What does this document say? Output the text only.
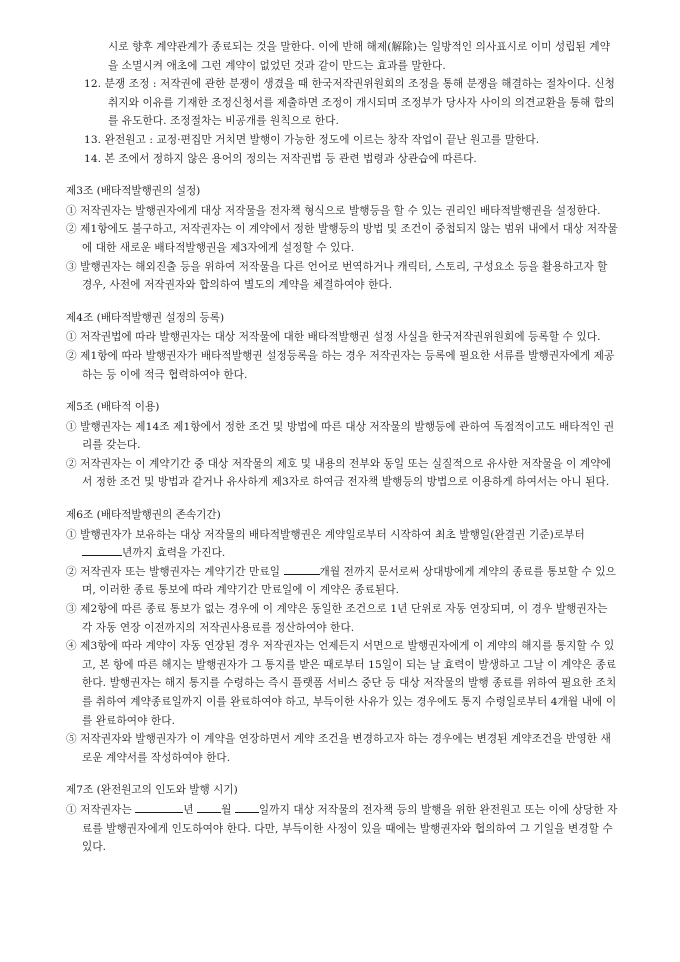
시로 향후 계약관계가 종료되는 것을 말한다. 이에 반해 해제(解除)는 일방적인 의사표시로 이미 성립된 계약을 소멸시켜 애초에 그런 계약이 없었던 것과 같이 만드는 효과를 말한다.

12. 분쟁 조정 : 저작권에 관한 분쟁이 생겼을 때 한국저작권위원회의 조정을 통해 분쟁을 해결하는 절차이다. 신청취지와 이유를 기재한 조정신청서를 제출하면 조정이 개시되며 조정부가 당사자 사이의 의견교환을 통해 합의를 유도한다. 조정절차는 비공개를 원칙으로 한다.

13. 완전원고 : 교정·편집만 거치면 발행이 가능한 정도에 이르는 창작 작업이 끝난 원고를 말한다.

14. 본 조에서 정하지 않은 용어의 정의는 저작권법 등 관련 법령과 상관습에 따른다.

제3조 (배타적발행권의 설정)

① 저작권자는 발행권자에게 대상 저작물을 전자책 형식으로 발행등을 할 수 있는 권리인 배타적발행권을 설정한다.

② 제1항에도 불구하고, 저작권자는 이 계약에서 정한 발행등의 방법 및 조건이 중첩되지 않는 범위 내에서 대상 저작물에 대한 새로운 배타적발행권을 제3자에게 설정할 수 있다.

③ 발행권자는 해외진출 등을 위하여 저작물을 다른 언어로 번역하거나 캐릭터, 스토리, 구성요소 등을 활용하고자 할 경우, 사전에 저작권자와 합의하여 별도의 계약을 체결하여야 한다.

제4조 (배타적발행권 설정의 등록)

① 저작권법에 따라 발행권자는 대상 저작물에 대한 배타적발행권 설정 사실을 한국저작권위원회에 등록할 수 있다.

② 제1항에 따라 발행권자가 배타적발행권 설정등록을 하는 경우 저작권자는 등록에 필요한 서류를 발행권자에게 제공하는 등 이에 적극 협력하여야 한다.

제5조 (배타적 이용)

① 발행권자는 제14조 제1항에서 정한 조건 및 방법에 따른 대상 저작물의 발행등에 관하여 독점적이고도 배타적인 권리를 갖는다.

② 저작권자는 이 계약기간 중 대상 저작물의 제호 및 내용의 전부와 동일 또는 실질적으로 유사한 저작물을 이 계약에서 정한 조건 및 방법과 같거나 유사하게 제3자로 하여금 전자책 발행등의 방법으로 이용하게 하여서는 아니 된다.

제6조 (배타적발행권의 존속기간)

① 발행권자가 보유하는 대상 저작물의 배타적발행권은 계약일로부터 시작하여 최초 발행일(완결권 기준)로부터 년까지 효력을 가진다.

② 저작권자 또는 발행권자는 계약기간 만료일	개월 전까지 문서로써 상대방에게 계약의 종료를 통보할 수 있으며, 이러한 종료 통보에 따라 계약기간 만료일에 이 계약은 종료된다.

③ 제2항에 따른 종료 통보가 없는 경우에 이 계약은 동일한 조건으로 1년 단위로 자동 연장되며, 이 경우 발행권자는 각 자동 연장 이전까지의 저작권사용료를 정산하여야 한다.

④ 제3항에 따라 계약이 자동 연장된 경우 저작권자는 언제든지 서면으로 발행권자에게 이 계약의 해지를 통지할 수 있고, 본 항에 따른 해지는 발행권자가 그 통지를 받은 때로부터 15일이 되는 날 효력이 발생하고 그날 이 계약은 종료한다. 발행권자는 해지 통지를 수령하는 즉시 플랫폼 서비스 중단 등 대상 저작물의 발행 종료를 위하여 필요한 조치를 취하여 계약종료일까지 이를 완료하여야 하고, 부득이한 사유가 있는 경우에도 통지 수령일로부터 4개월 내에 이를 완료하여야 한다.

⑤ 저작권자와 발행권자가 이 계약을 연장하면서 계약 조건을 변경하고자 하는 경우에는 변경된 계약조건을 반영한 새로운 계약서를 작성하여야 한다.

제7조 (완전원고의 인도와 발행 시기)

① 저작권자는	년 월 일까지 대상 저작물의 전자책 등의 발행을 위한 완전원고 또는 이에 상당한 자료를 발행권자에게 인도하여야 한다. 다만, 부득이한 사정이 있을 때에는 발행권자와 협의하여 그 기일을 변경할 수 있다.
